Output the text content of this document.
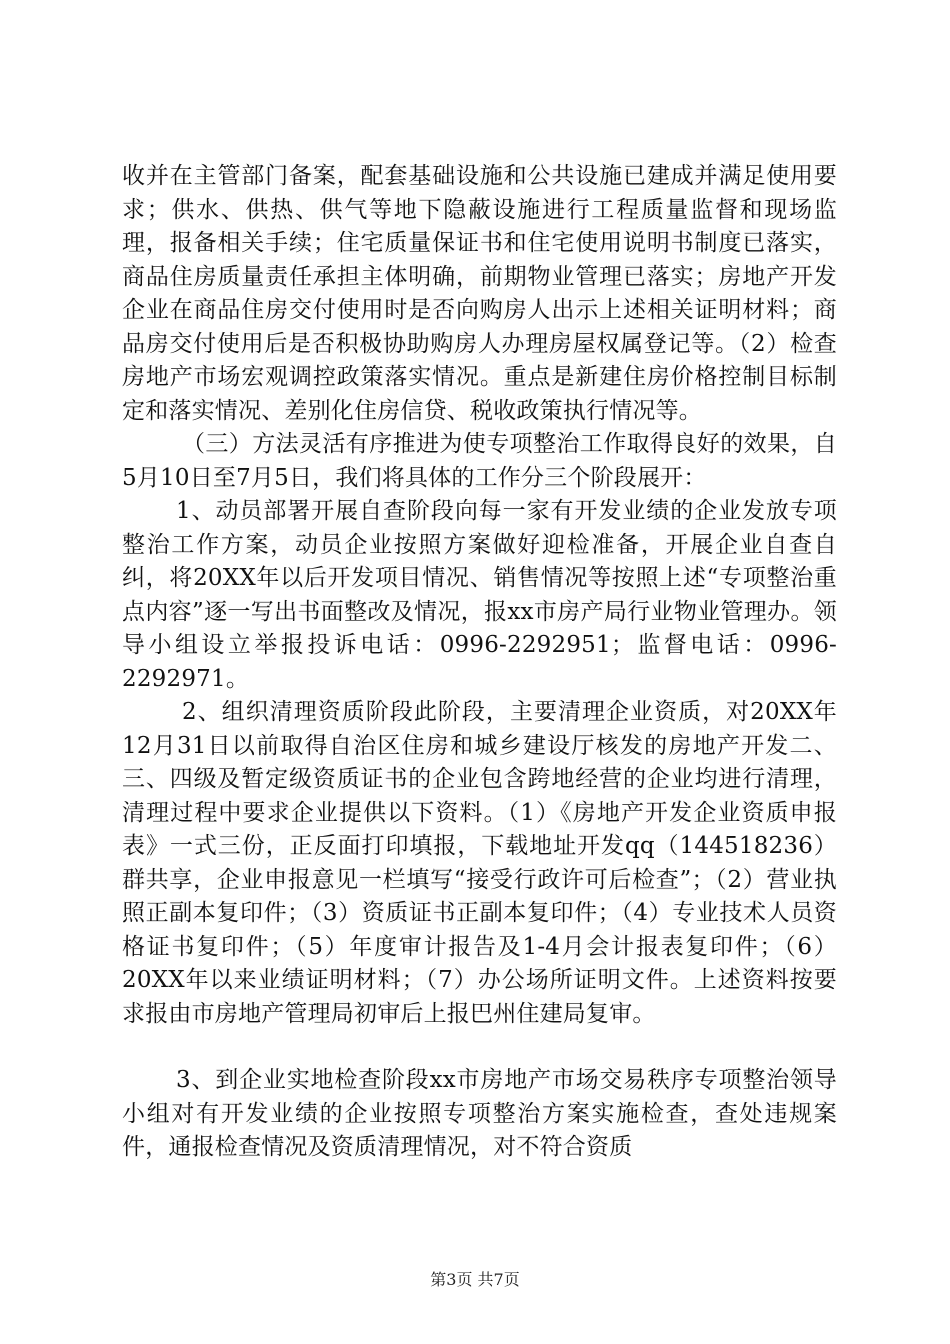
收并在主管部门备案，配套基础设施和公共设施已建成并满足使用要求；供水、供热、供气等地下隐蔽设施进行工程质量监督和现场监理，报备相关手续；住宅质量保证书和住宅使用说明书制度已落实，商品住房质量责任承担主体明确，前期物业管理已落实；房地产开发企业在商品住房交付使用时是否向购房人出示上述相关证明材料；商品房交付使用后是否积极协助购房人办理房屋权属登记等。（2）检查房地产市场宏观调控政策落实情况。重点是新建住房价格控制目标制定和落实情况、差别化住房信贷、税收政策执行情况等。

（三）方法灵活有序推进为使专项整治工作取得良好的效果，自5月10日至7月5日，我们将具体的工作分三个阶段展开：

1、动员部署开展自查阶段向每一家有开发业绩的企业发放专项整治工作方案，动员企业按照方案做好迎检准备，开展企业自查自纠，将20XX年以后开发项目情况、销售情况等按照上述“专项整治重点内容”逐一写出书面整改及情况，报xx市房产局行业物业管理办。领导小组设立举报投诉电话：0996-2292951；监督电话：0996-2292971。

2、组织清理资质阶段此阶段，主要清理企业资质，对20XX年12月31日以前取得自治区住房和城乡建设厅核发的房地产开发二、三、四级及暂定级资质证书的企业包含跨地经营的企业均进行清理，清理过程中要求企业提供以下资料。（1）《房地产开发企业资质申报表》一式三份，正反面打印填报，下载地址开发qq（144518236）群共享，企业申报意见一栏填写“接受行政许可后检查”；（2）营业执照正副本复印件；（3）资质证书正副本复印件；（4）专业技术人员资格证书复印件；（5）年度审计报告及1-4月会计报表复印件；（6）20XX年以来业绩证明材料；（7）办公场所证明文件。上述资料按要求报由市房地产管理局初审后上报巴州住建局复审。

3、到企业实地检查阶段xx市房地产市场交易秩序专项整治领导小组对有开发业绩的企业按照专项整治方案实施检查，查处违规案件，通报检查情况及资质清理情况，对不符合资质

第3页 共7页
